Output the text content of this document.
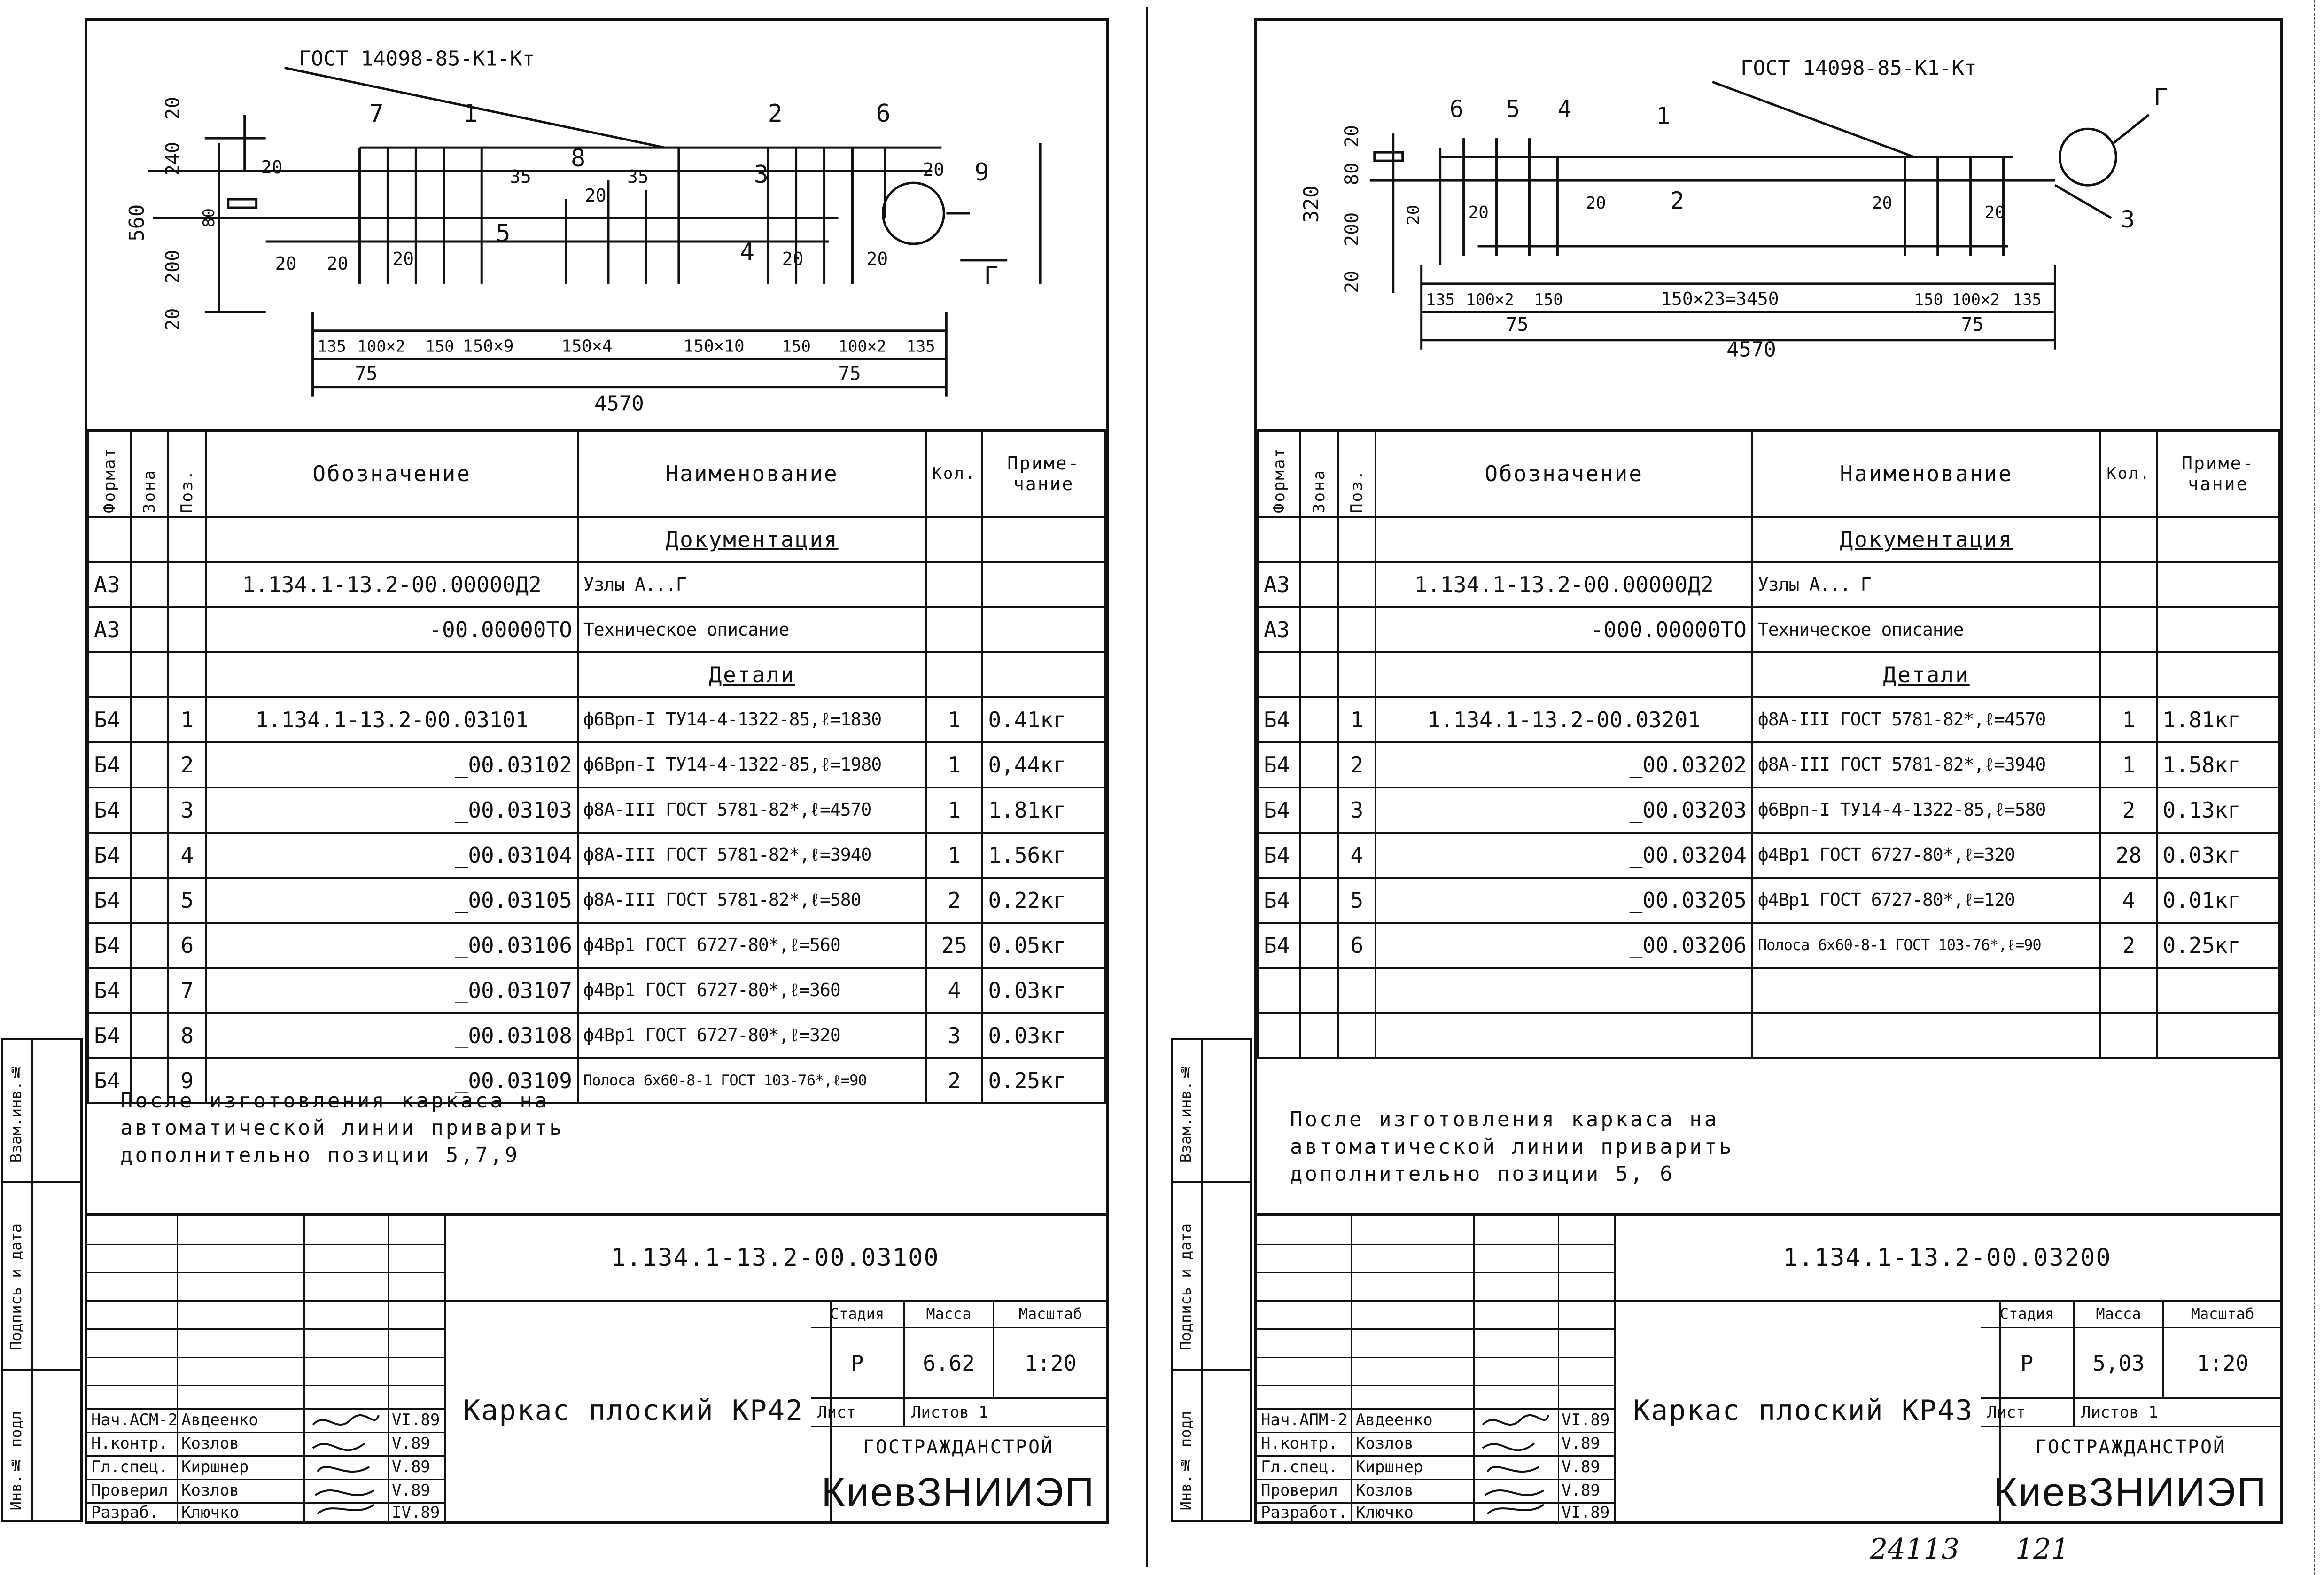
Инв.№ подл
Подпись и дата
Взам.инв.№
Инв.№ подл
Подпись и дата
Взам.инв.№
ГОСТ 14098-85-К1-Кт
7	1	2	6
8
3	9
5
4
Г
20
240
560	80
200
20
20	35
20
35	20
20 20 20	20	20
135 100×2 150 150×9	150×4	150×10 150 100×2 135
75	75
4570
Формат	Зона	Поз.	Обозначение	Наименование	Кол.	Приме-чание
				Документация		
А3			1.134.1-13.2-00.00000Д2	Узлы А...Г		
А3			-00.00000ТО	Техническое описание		
				Детали		
Б4		1	1.134.1-13.2-00.03101	ф6Врп-I ТУ14-4-1322-85,ℓ=1830	1	0.41кг
Б4		2	_00.03102	ф6Врп-I ТУ14-4-1322-85,ℓ=1980	1	0,44кг
Б4		3	_00.03103	ф8А-III ГОСТ 5781-82*,ℓ=4570	1	1.81кг
Б4		4	_00.03104	ф8А-III ГОСТ 5781-82*,ℓ=3940	1	1.56кг
Б4		5	_00.03105	ф8А-III ГОСТ 5781-82*,ℓ=580	2	0.22кг
Б4		6	_00.03106	ф4Вр1 ГОСТ 6727-80*,ℓ=560	25	0.05кг
Б4		7	_00.03107	ф4Вр1 ГОСТ 6727-80*,ℓ=360	4	0.03кг
Б4		8	_00.03108	ф4Вр1 ГОСТ 6727-80*,ℓ=320	3	0.03кг
Б4		9	_00.03109	Полоса 6х60-8-1 ГОСТ 103-76*,ℓ=90	2	0.25кг
После изготовления каркаса на
автоматической линии приварить
дополнительно позиции 5,7,9
Нач.АСМ-2 Авдеенко	VI.89
Н.контр. Козлов	V.89
Гл.спец. Киршнер	V.89
Проверил Козлов	V.89
Разраб. Ключко	IV.89
1.134.1-13.2-00.03100
Каркас плоский КР42
Стадия	Масса	Масштаб
Р	6.62	1:20
Лист	Листов 1
ГОСТРАЖДАНСТРОЙ
КиевЗНИИЭП
ГОСТ 14098-85-К1-Кт
6 5 4	1
2
3
Г
20
80
320
200
20
20	20	20	20	20
135 100×2 150	150×23=3450	150 100×2 135
75	75
4570
Формат	Зона	Поз.	Обозначение	Наименование	Кол.	Приме-чание
				Документация		
А3			1.134.1-13.2-00.00000Д2	Узлы А... Г		
А3			-000.00000ТО	Техническое описание		
				Детали		
Б4		1	1.134.1-13.2-00.03201	ф8А-III ГОСТ 5781-82*,ℓ=4570	1	1.81кг
Б4		2	_00.03202	ф8А-III ГОСТ 5781-82*,ℓ=3940	1	1.58кг
Б4		3	_00.03203	ф6Врп-I ТУ14-4-1322-85,ℓ=580	2	0.13кг
Б4		4	_00.03204	ф4Вр1 ГОСТ 6727-80*,ℓ=320	28	0.03кг
Б4		5	_00.03205	ф4Вр1 ГОСТ 6727-80*,ℓ=120	4	0.01кг
Б4		6	_00.03206	Полоса 6х60-8-1 ГОСТ 103-76*,ℓ=90	2	0.25кг

После изготовления каркаса на
автоматической линии приварить
дополнительно позиции 5, 6
Нач.АПМ-2 Авдеенко	VI.89
Н.контр. Козлов	V.89
Гл.спец. Киршнер	V.89
Проверил Козлов	V.89
Разработ. Ключко	VI.89
1.134.1-13.2-00.03200
Каркас плоский КР43
Стадия	Масса	Масштаб
Р	5,03	1:20
Лист	Листов 1
ГОСТРАЖДАНСТРОЙ
КиевЗНИИЭП
24113 121
